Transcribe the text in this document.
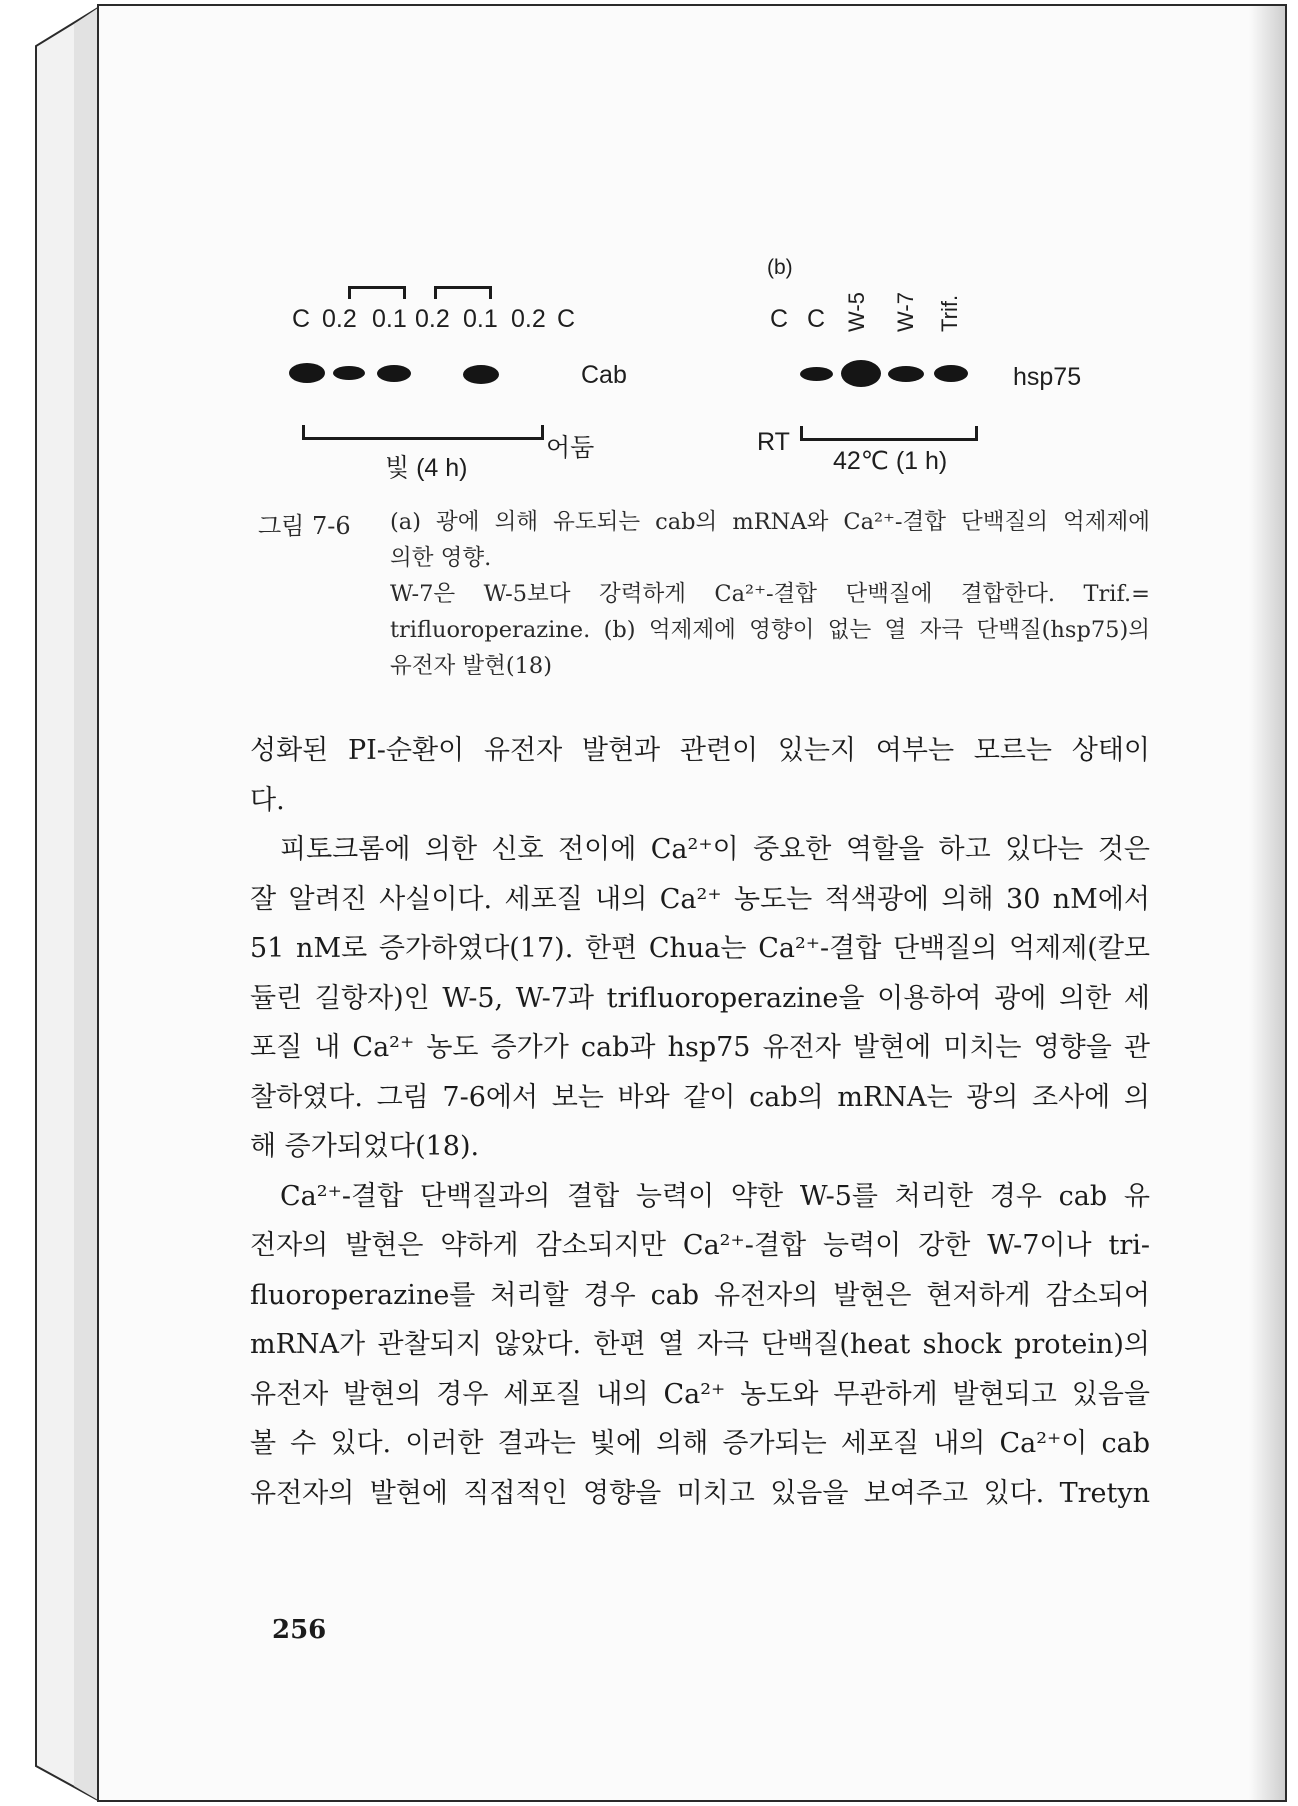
C 0.2 0.1 0.2 0.1 0.2 C
Cab
어둠
빛 (4 h)
(b)
C C W-5 W-7 Trif.
hsp75
RT
42℃ (1 h)
그림 7-6 (a) 광에 의해 유도되는 cab의 mRNA와 Ca²⁺-결합 단백질의 억제제에
의한 영향.
W-7은 W-5보다 강력하게 Ca²⁺-결합 단백질에 결합한다. Trif.=
trifluoroperazine. (b) 억제제에 영향이 없는 열 자극 단백질(hsp75)의
유전자 발현(18)
성화된 PI-순환이 유전자 발현과 관련이 있는지 여부는 모르는 상태이
다.
피토크롬에 의한 신호 전이에 Ca²⁺이 중요한 역할을 하고 있다는 것은
잘 알려진 사실이다. 세포질 내의 Ca²⁺ 농도는 적색광에 의해 30 nM에서
51 nM로 증가하였다(17). 한편 Chua는 Ca²⁺-결합 단백질의 억제제(칼모
듈린 길항자)인 W-5, W-7과 trifluoroperazine을 이용하여 광에 의한 세
포질 내 Ca²⁺ 농도 증가가 cab과 hsp75 유전자 발현에 미치는 영향을 관
찰하였다. 그림 7-6에서 보는 바와 같이 cab의 mRNA는 광의 조사에 의
해 증가되었다(18).
Ca²⁺-결합 단백질과의 결합 능력이 약한 W-5를 처리한 경우 cab 유
전자의 발현은 약하게 감소되지만 Ca²⁺-결합 능력이 강한 W-7이나 tri-
fluoroperazine를 처리할 경우 cab 유전자의 발현은 현저하게 감소되어
mRNA가 관찰되지 않았다. 한편 열 자극 단백질(heat shock protein)의
유전자 발현의 경우 세포질 내의 Ca²⁺ 농도와 무관하게 발현되고 있음을
볼 수 있다. 이러한 결과는 빛에 의해 증가되는 세포질 내의 Ca²⁺이 cab
유전자의 발현에 직접적인 영향을 미치고 있음을 보여주고 있다. Tretyn
256
